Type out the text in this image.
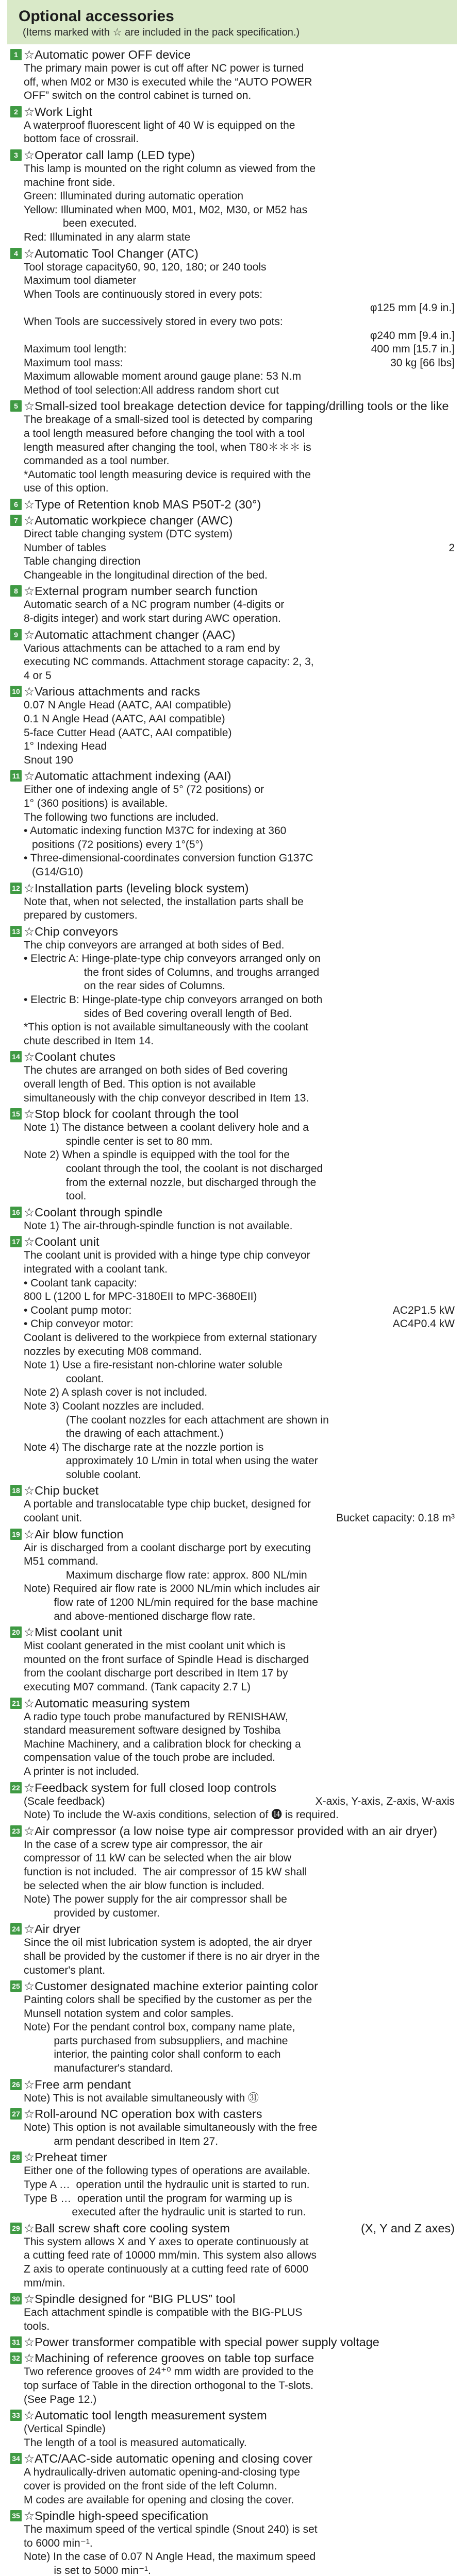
Optional accessories
(Items marked with ☆ are included in the pack specification.)
1 ☆Automatic power OFF device
The primary main power is cut off after NC power is turned
off, when M02 or M30 is executed while the “AUTO POWER
OFF” switch on the control cabinet is turned on.
2 ☆Work Light
A waterproof fluorescent light of 40 W is equipped on the
bottom face of crossrail.
3 ☆Operator call lamp (LED type)
This lamp is mounted on the right column as viewed from the
machine front side.
Green: Illuminated during automatic operation
Yellow: Illuminated when M00, M01, M02, M30, or M52 has
been executed.
Red: Illuminated in any alarm state
4 ☆Automatic Tool Changer (ATC)
Tool storage capacity60, 90, 120, 180; or 240 tools
Maximum tool diameter
When Tools are continuously stored in every pots:
φ125 mm [4.9 in.]
When Tools are successively stored in every two pots:
φ240 mm [9.4 in.]
Maximum tool length:	400 mm [15.7 in.]
Maximum tool mass:	30 kg [66 lbs]
Maximum allowable moment around gauge plane: 53 N.m
Method of tool selection:All address random short cut
5 ☆Small-sized tool breakage detection device for tapping/drilling tools or the like
The breakage of a small-sized tool is detected by comparing
a tool length measured before changing the tool with a tool
length measured after changing the tool, when T80＊＊＊ is
commanded as a tool number.
*Automatic tool length measuring device is required with the
use of this option.
6 ☆Type of Retention knob MAS P50T-2 (30°)
7 ☆Automatic workpiece changer (AWC)
Direct table changing system (DTC system)
Number of tables	2
Table changing direction
Changeable in the longitudinal direction of the bed.
8 ☆External program number search function
Automatic search of a NC program number (4-digits or
8-digits integer) and work start during AWC operation.
9 ☆Automatic attachment changer (AAC)
Various attachments can be attached to a ram end by
executing NC commands. Attachment storage capacity: 2, 3,
4 or 5
10 ☆Various attachments and racks
0.07 N Angle Head (AATC, AAI compatible)
0.1 N Angle Head (AATC, AAI compatible)
5-face Cutter Head (AATC, AAI compatible)
1° Indexing Head
Snout 190
11 ☆Automatic attachment indexing (AAI)
Either one of indexing angle of 5° (72 positions) or
1° (360 positions) is available.
The following two functions are included.
• Automatic indexing function M37C for indexing at 360
positions (72 positions) every 1°(5°)
• Three-dimensional-coordinates conversion function G137C
(G14/G10)
12 ☆Installation parts (leveling block system)
Note that, when not selected, the installation parts shall be
prepared by customers.
13 ☆Chip conveyors
The chip conveyors are arranged at both sides of Bed.
• Electric A: Hinge-plate-type chip conveyors arranged only on
the front sides of Columns, and troughs arranged
on the rear sides of Columns.
• Electric B: Hinge-plate-type chip conveyors arranged on both
sides of Bed covering overall length of Bed.
*This option is not available simultaneously with the coolant
chute described in Item 14.
14 ☆Coolant chutes
The chutes are arranged on both sides of Bed covering
overall length of Bed. This option is not available
simultaneously with the chip conveyor described in Item 13.
15 ☆Stop block for coolant through the tool
Note 1) The distance between a coolant delivery hole and a
spindle center is set to 80 mm.
Note 2) When a spindle is equipped with the tool for the
coolant through the tool, the coolant is not discharged
from the external nozzle, but discharged through the
tool.
16 ☆Coolant through spindle
Note 1) The air-through-spindle function is not available.
17 ☆Coolant unit
The coolant unit is provided with a hinge type chip conveyor
integrated with a coolant tank.
• Coolant tank capacity:
800 L (1200 L for MPC-3180EII to MPC-3680EII)
• Coolant pump motor:	AC2P1.5 kW
• Chip conveyor motor:	AC4P0.4 kW
Coolant is delivered to the workpiece from external stationary
nozzles by executing M08 command.
Note 1) Use a fire-resistant non-chlorine water soluble
coolant.
Note 2) A splash cover is not included.
Note 3) Coolant nozzles are included.
(The coolant nozzles for each attachment are shown in
the drawing of each attachment.)
Note 4) The discharge rate at the nozzle portion is
approximately 10 L/min in total when using the water
soluble coolant.
18 ☆Chip bucket
A portable and translocatable type chip bucket, designed for
coolant unit.	Bucket capacity: 0.18 m³
19 ☆Air blow function
Air is discharged from a coolant discharge port by executing
M51 command.
Maximum discharge flow rate: approx. 800 NL/min
Note) Required air flow rate is 2000 NL/min which includes air
flow rate of 1200 NL/min required for the base machine
and above-mentioned discharge flow rate.
20 ☆Mist coolant unit
Mist coolant generated in the mist coolant unit which is
mounted on the front surface of Spindle Head is discharged
from the coolant discharge port described in Item 17 by
executing M07 command. (Tank capacity 2.7 L)
21 ☆Automatic measuring system
A radio type touch probe manufactured by RENISHAW,
standard measurement software designed by Toshiba
Machine Machinery, and a calibration block for checking a
compensation value of the touch probe are included.
A printer is not included.
22 ☆Feedback system for full closed loop controls
(Scale feedback)	X-axis, Y-axis, Z-axis, W-axis
Note) To include the W-axis conditions, selection of ⓮ is required.
23 ☆Air compressor (a low noise type air compressor provided with an air dryer)
In the case of a screw type air compressor, the air
compressor of 11 kW can be selected when the air blow
function is not included.  The air compressor of 15 kW shall
be selected when the air blow function is included.
Note) The power supply for the air compressor shall be
provided by customer.
24 ☆Air dryer
Since the oil mist lubrication system is adopted, the air dryer
shall be provided by the customer if there is no air dryer in the
customer's plant.
25 ☆Customer designated machine exterior painting color
Painting colors shall be specified by the customer as per the
Munsell notation system and color samples.
Note) For the pendant control box, company name plate,
parts purchased from subsuppliers, and machine
interior, the painting color shall conform to each
manufacturer's standard.
26 ☆Free arm pendant
Note) This is not available simultaneously with ㉛
27 ☆Roll-around NC operation box with casters
Note) This option is not available simultaneously with the free
arm pendant described in Item 27.
28 ☆Preheat timer
Either one of the following types of operations are available.
Type A …  operation until the hydraulic unit is started to run.
Type B …  operation until the program for warming up is
executed after the hydraulic unit is started to run.
29 ☆Ball screw shaft core cooling system	(X, Y and Z axes)
This system allows X and Y axes to operate continuously at
a cutting feed rate of 10000 mm/min. This system also allows
Z axis to operate continuously at a cutting feed rate of 6000
mm/min.
30 ☆Spindle designed for “BIG PLUS” tool
Each attachment spindle is compatible with the BIG-PLUS
tools.
31 ☆Power transformer compatible with special power supply voltage
32 ☆Machining of reference grooves on table top surface
Two reference grooves of 24⁺⁰ mm width are provided to the
top surface of Table in the direction orthogonal to the T-slots.
(See Page 12.)
33 ☆Automatic tool length measurement system
(Vertical Spindle)
The length of a tool is measured automatically.
34 ☆ATC/AAC-side automatic opening and closing cover
A hydraulically-driven automatic opening-and-closing type
cover is provided on the front side of the left Column.
M codes are available for opening and closing the cover.
35 ☆Spindle high-speed specification
The maximum speed of the vertical spindle (Snout 240) is set
to 6000 min⁻¹.
Note) In the case of 0.07 N Angle Head, the maximum speed
is set to 5000 min⁻¹.
